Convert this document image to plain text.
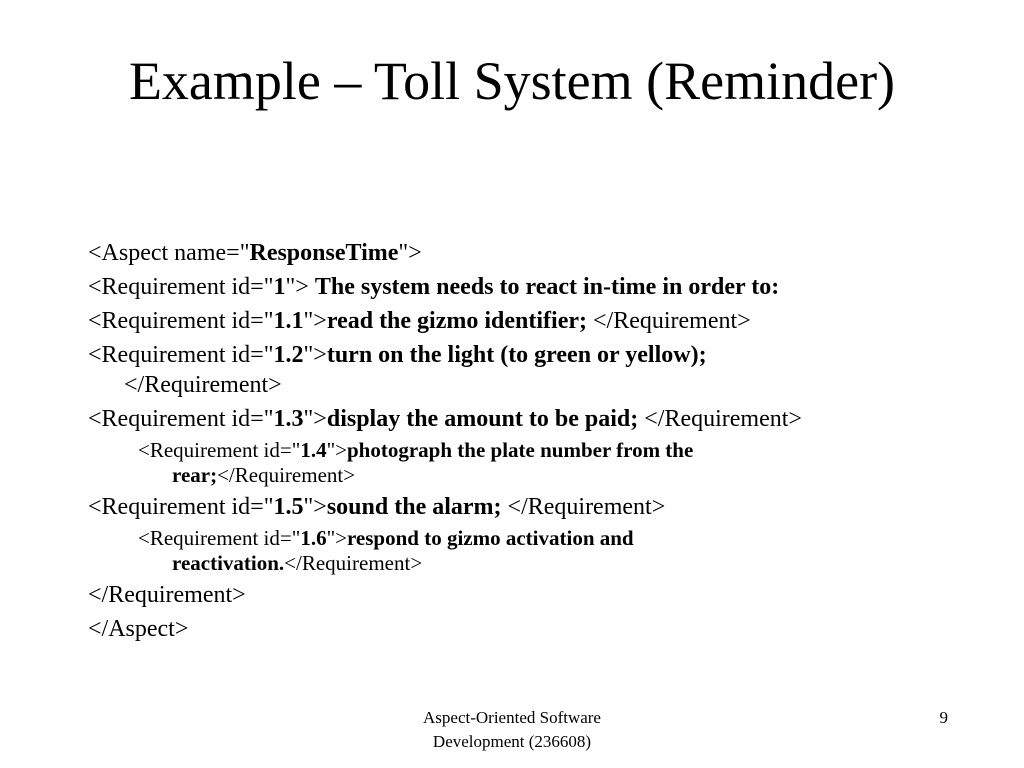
Example – Toll System (Reminder)
<Aspect name="ResponseTime">
<Requirement id="1"> The system needs to react in-time in order to:
<Requirement id="1.1">read the gizmo identifier; </Requirement>
<Requirement id="1.2">turn on the light (to green or yellow);
</Requirement>
<Requirement id="1.3">display the amount to be paid; </Requirement>
<Requirement id="1.4">photograph the plate number from the
rear;</Requirement>
<Requirement id="1.5">sound the alarm; </Requirement>
<Requirement id="1.6">respond to gizmo activation and
reactivation.</Requirement>
</Requirement>
</Aspect>
Aspect-Oriented Software
Development (236608)
9
